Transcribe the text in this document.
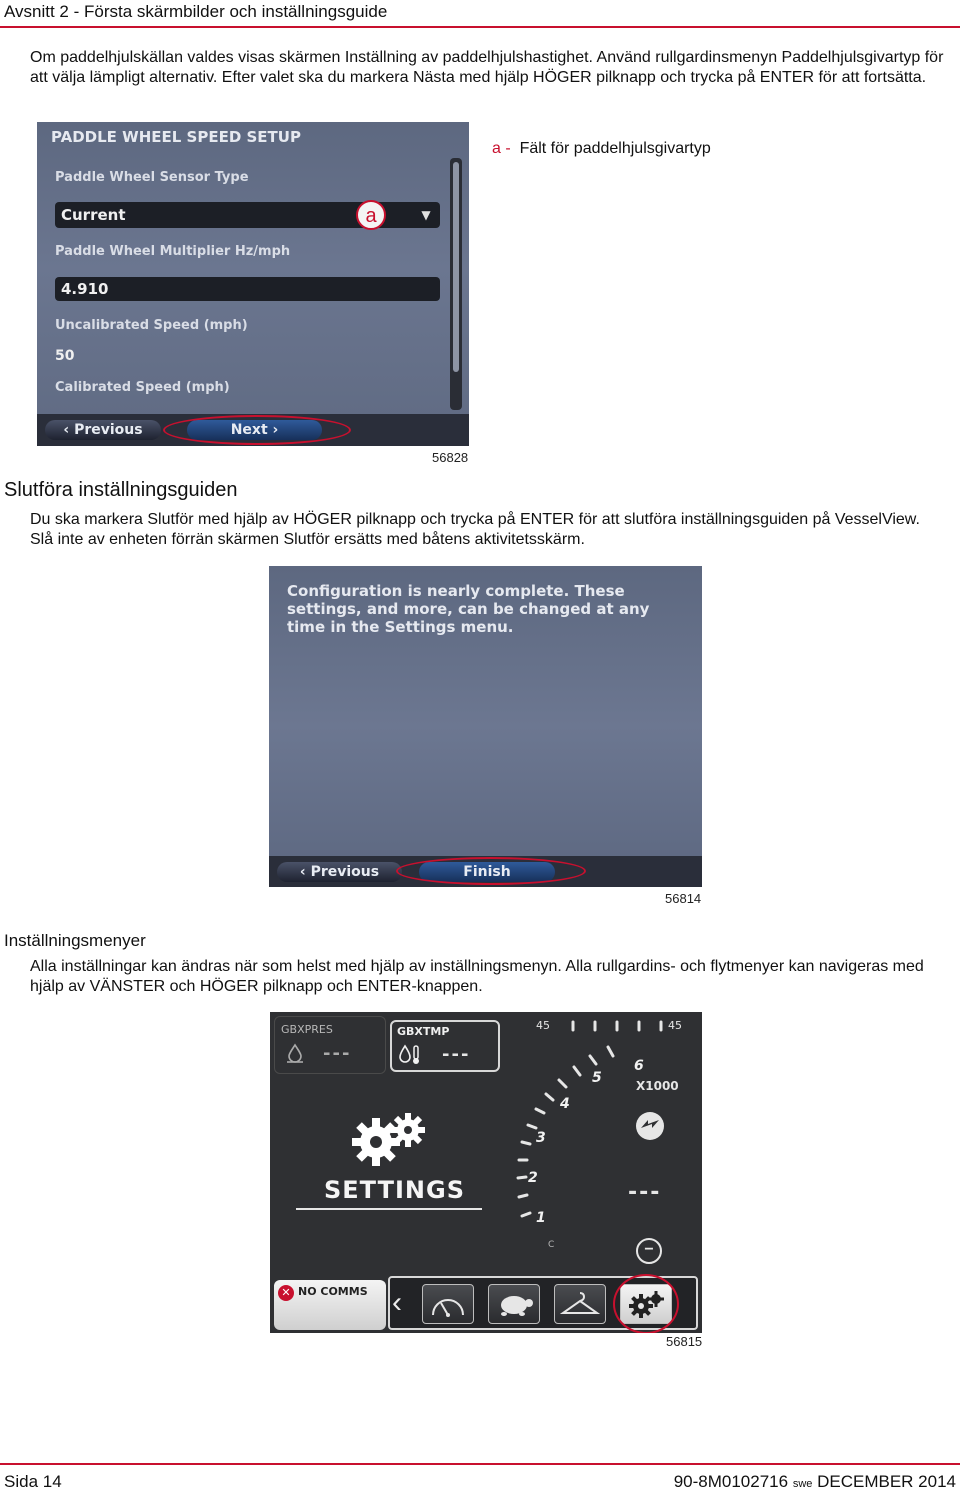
Avsnitt 2 - Första skärmbilder och inställningsguide
Om paddelhjulskällan valdes visas skärmen Inställning av paddelhjulshastighet. Använd rullgardinsmenyn Paddelhjulsgivartyp för att välja lämpligt alternativ. Efter valet ska du markera Nästa med hjälp HÖGER pilknapp och trycka på ENTER för att fortsätta.
PADDLE WHEEL SPEED SETUP
Paddle Wheel Sensor Type
Current	▼
Paddle Wheel Multiplier Hz/mph
4.910
Uncalibrated Speed (mph)
50
Calibrated Speed (mph)
‹ Previous	Next ›
a
a - Fält för paddelhjulsgivartyp
56828
Slutföra inställningsguiden
Du ska markera Slutför med hjälp av HÖGER pilknapp och trycka på ENTER för att slutföra inställningsguiden på VesselView. Slå inte av enheten förrän skärmen Slutför ersätts med båtens aktivitetsskärm.
Configuration is nearly complete. These settings, and more, can be changed at any time in the Settings menu.
‹ Previous	Finish
56814
Inställningsmenyer
Alla inställningar kan ändras när som helst med hjälp av inställningsmenyn. Alla rullgardins- och flytmenyer kan navigeras med hjälp av VÄNSTER och HÖGER pilknapp och ENTER-knappen.
GBXPRES
---
GBXTMP
---
45	45
1
2
3
4
5
6
C
X1000
---
−
SETTINGS
✕ NO COMMS ‹
56815
Sida 14	90-8M0102716 swe DECEMBER 2014
